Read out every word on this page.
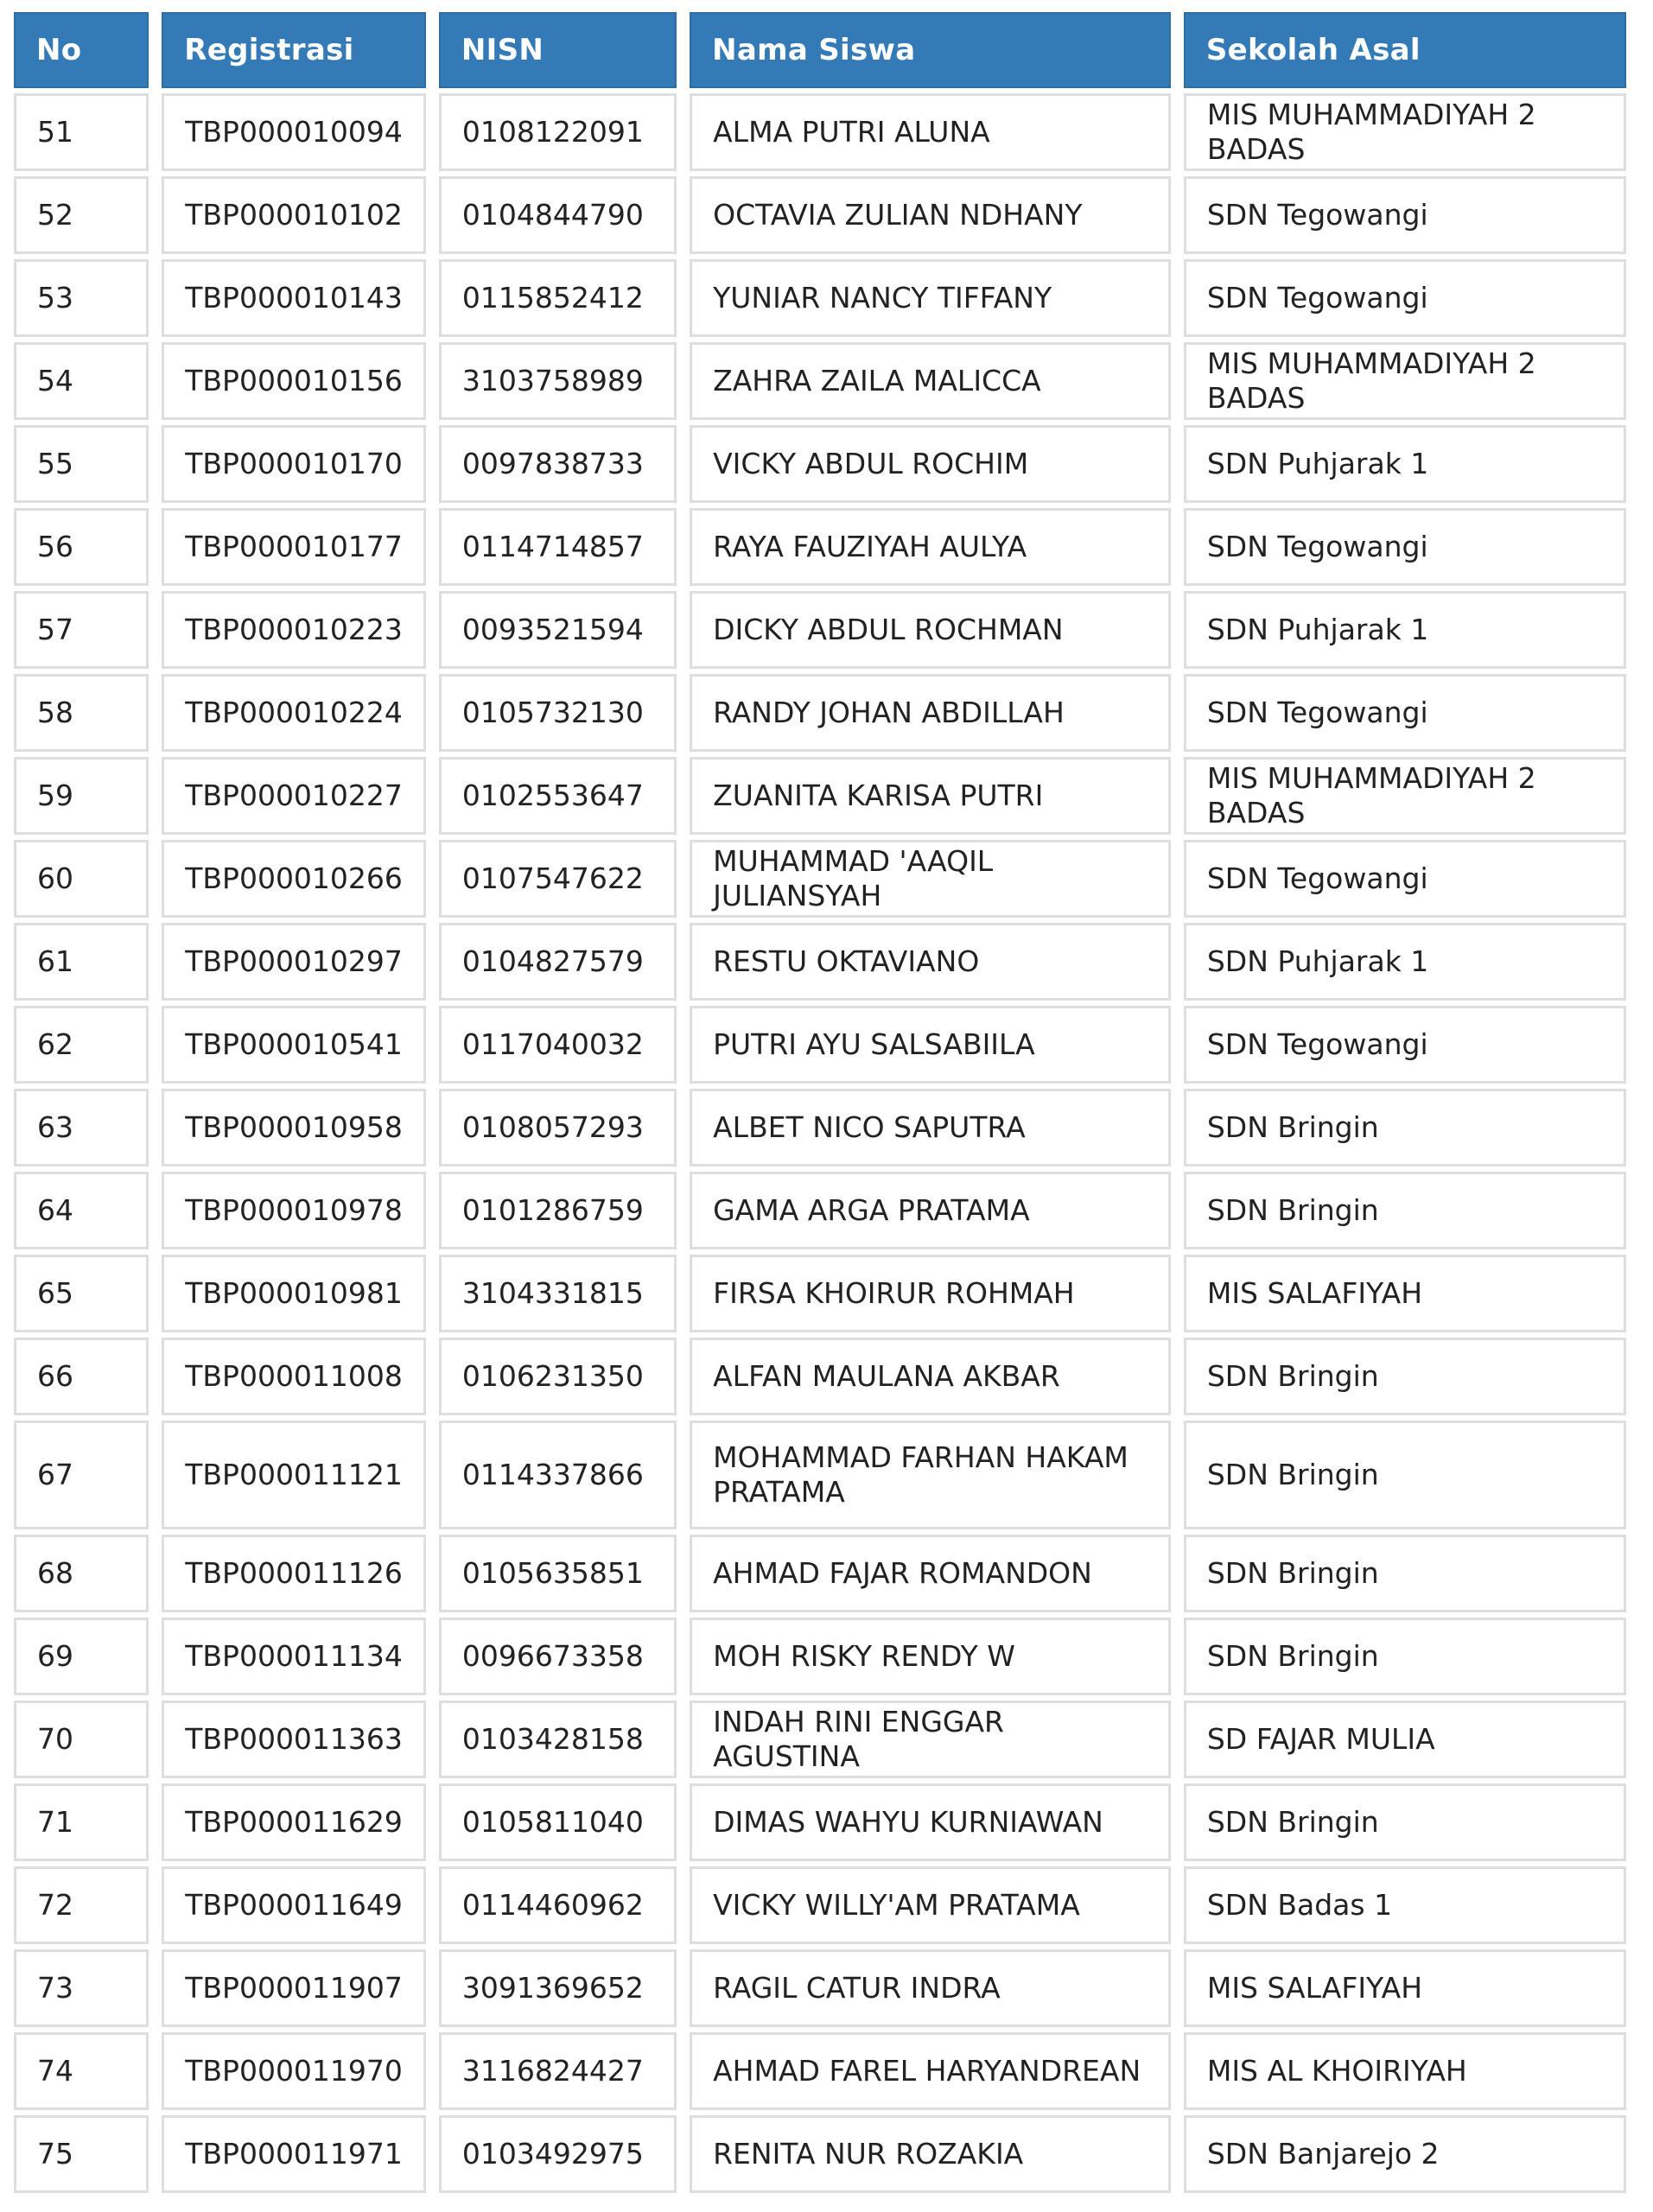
No	Registrasi	NISN	Nama Siswa	Sekolah Asal
51	TBP000010094	0108122091	ALMA PUTRI ALUNA	MIS MUHAMMADIYAH 2 BADAS
52	TBP000010102	0104844790	OCTAVIA ZULIAN NDHANY	SDN Tegowangi
53	TBP000010143	0115852412	YUNIAR NANCY TIFFANY	SDN Tegowangi
54	TBP000010156	3103758989	ZAHRA ZAILA MALICCA	MIS MUHAMMADIYAH 2 BADAS
55	TBP000010170	0097838733	VICKY ABDUL ROCHIM	SDN Puhjarak 1
56	TBP000010177	0114714857	RAYA FAUZIYAH AULYA	SDN Tegowangi
57	TBP000010223	0093521594	DICKY ABDUL ROCHMAN	SDN Puhjarak 1
58	TBP000010224	0105732130	RANDY JOHAN ABDILLAH	SDN Tegowangi
59	TBP000010227	0102553647	ZUANITA KARISA PUTRI	MIS MUHAMMADIYAH 2 BADAS
60	TBP000010266	0107547622	MUHAMMAD 'AAQIL JULIANSYAH	SDN Tegowangi
61	TBP000010297	0104827579	RESTU OKTAVIANO	SDN Puhjarak 1
62	TBP000010541	0117040032	PUTRI AYU SALSABIILA	SDN Tegowangi
63	TBP000010958	0108057293	ALBET NICO SAPUTRA	SDN Bringin
64	TBP000010978	0101286759	GAMA ARGA PRATAMA	SDN Bringin
65	TBP000010981	3104331815	FIRSA KHOIRUR ROHMAH	MIS SALAFIYAH
66	TBP000011008	0106231350	ALFAN MAULANA AKBAR	SDN Bringin
67	TBP000011121	0114337866	MOHAMMAD FARHAN HAKAM PRATAMA	SDN Bringin
68	TBP000011126	0105635851	AHMAD FAJAR ROMANDON	SDN Bringin
69	TBP000011134	0096673358	MOH RISKY RENDY W	SDN Bringin
70	TBP000011363	0103428158	INDAH RINI ENGGAR AGUSTINA	SD FAJAR MULIA
71	TBP000011629	0105811040	DIMAS WAHYU KURNIAWAN	SDN Bringin
72	TBP000011649	0114460962	VICKY WILLY'AM PRATAMA	SDN Badas 1
73	TBP000011907	3091369652	RAGIL CATUR INDRA	MIS SALAFIYAH
74	TBP000011970	3116824427	AHMAD FAREL HARYANDREAN	MIS AL KHOIRIYAH
75	TBP000011971	0103492975	RENITA NUR ROZAKIA	SDN Banjarejo 2
